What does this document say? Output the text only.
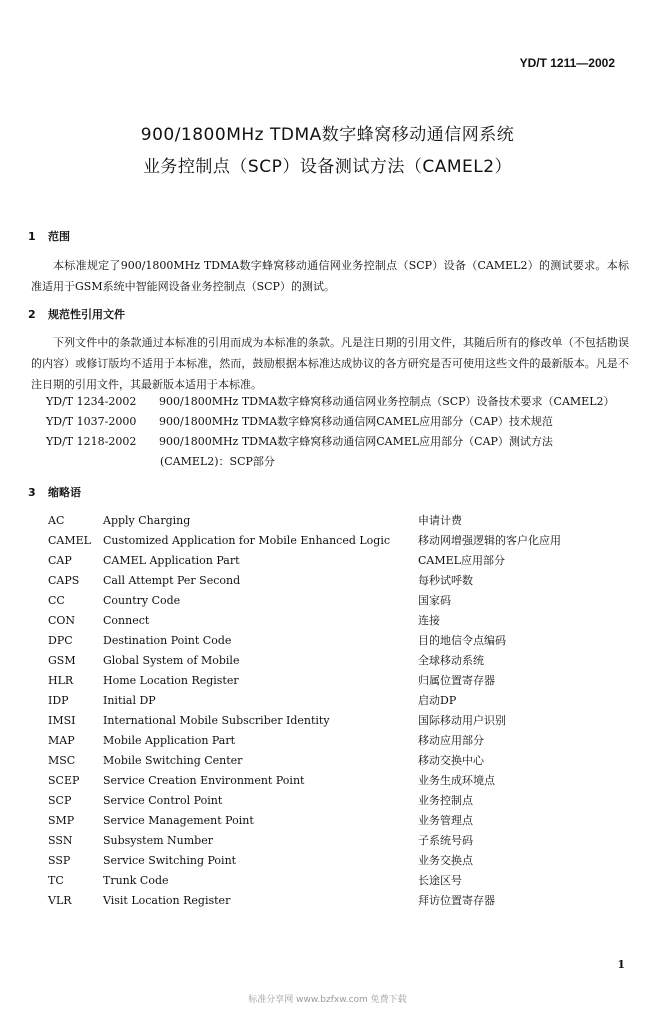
YD/T 1211—2002
900/1800MHz TDMA数字蜂窝移动通信网系统
业务控制点（SCP）设备测试方法（CAMEL2）
1 范围
本标准规定了900/1800MHz TDMA数字蜂窝移动通信网业务控制点（SCP）设备（CAMEL2）的测试要求。本标准适用于GSM系统中智能网设备业务控制点（SCP）的测试。
2 规范性引用文件
下列文件中的条款通过本标准的引用而成为本标准的条款。凡是注日期的引用文件，其随后所有的修改单（不包括勘误的内容）或修订版均不适用于本标准，然而，鼓励根据本标准达成协议的各方研究是否可使用这些文件的最新版本。凡是不注日期的引用文件，其最新版本适用于本标准。
YD/T 1234-2002 900/1800MHz TDMA数字蜂窝移动通信网业务控制点（SCP）设备技术要求（CAMEL2）
YD/T 1037-2000 900/1800MHz TDMA数字蜂窝移动通信网CAMEL应用部分（CAP）技术规范
YD/T 1218-2002 900/1800MHz TDMA数字蜂窝移动通信网CAMEL应用部分（CAP）测试方法
(CAMEL2)：SCP部分
3 缩略语
AC	Apply Charging	申请计费
CAMEL Customized Application for Mobile Enhanced Logic	移动网增强逻辑的客户化应用
CAP	CAMEL Application Part	CAMEL应用部分
CAPS Call Attempt Per Second	每秒试呼数
CC	Country Code	国家码
CON	Connect	连接
DPC	Destination Point Code	目的地信令点编码
GSM Global System of Mobile	全球移动系统
HLR	Home Location Register	归属位置寄存器
IDP	Initial DP	启动DP
IMSI	International Mobile Subscriber Identity	国际移动用户识别
MAP	Mobile Application Part	移动应用部分
MSC	Mobile Switching Center	移动交换中心
SCEP Service Creation Environment Point	业务生成环境点
SCP	Service Control Point	业务控制点
SMP	Service Management Point	业务管理点
SSN	Subsystem Number	子系统号码
SSP	Service Switching Point	业务交换点
TC	Trunk Code	长途区号
VLR	Visit Location Register	拜访位置寄存器
1
标准分享网 www.bzfxw.com 免费下载
